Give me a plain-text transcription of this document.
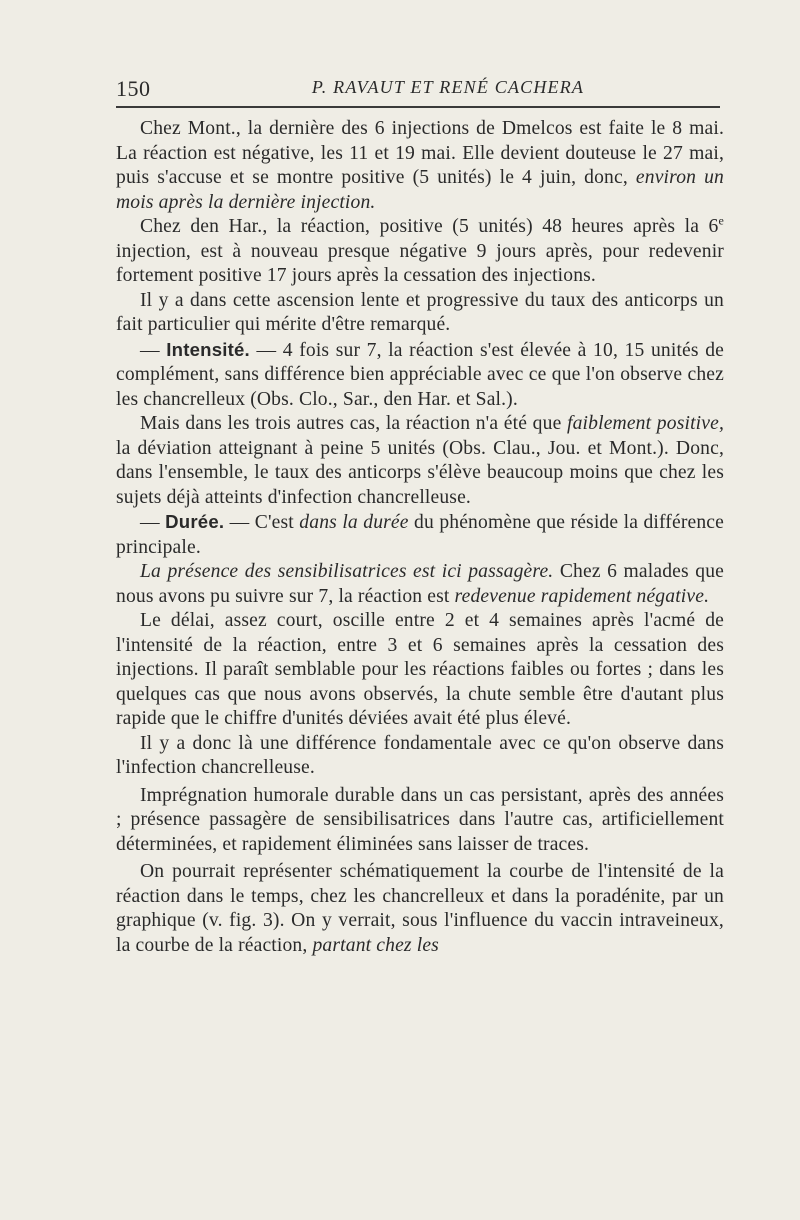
150	P. RAVAUT ET RENÉ CACHERA

Chez Mont., la dernière des 6 injections de Dmelcos est faite le 8 mai. La réaction est négative, les 11 et 19 mai. Elle devient douteuse le 27 mai, puis s'accuse et se montre positive (5 unités) le 4 juin, donc, environ un mois après la dernière injection.

Chez den Har., la réaction, positive (5 unités) 48 heures après la 6e injection, est à nouveau presque négative 9 jours après, pour redevenir fortement positive 17 jours après la cessation des injections.

Il y a dans cette ascension lente et progressive du taux des anticorps un fait particulier qui mérite d'être remarqué.

— Intensité. — 4 fois sur 7, la réaction s'est élevée à 10, 15 unités de complément, sans différence bien appréciable avec ce que l'on observe chez les chancrelleux (Obs. Clo., Sar., den Har. et Sal.).

Mais dans les trois autres cas, la réaction n'a été que faiblement positive, la déviation atteignant à peine 5 unités (Obs. Clau., Jou. et Mont.). Donc, dans l'ensemble, le taux des anticorps s'élève beaucoup moins que chez les sujets déjà atteints d'infection chancrelleuse.

— Durée. — C'est dans la durée du phénomène que réside la différence principale.

La présence des sensibilisatrices est ici passagère. Chez 6 malades que nous avons pu suivre sur 7, la réaction est redevenue rapidement négative.

Le délai, assez court, oscille entre 2 et 4 semaines après l'acmé de l'intensité de la réaction, entre 3 et 6 semaines après la cessation des injections. Il paraît semblable pour les réactions faibles ou fortes ; dans les quelques cas que nous avons observés, la chute semble être d'autant plus rapide que le chiffre d'unités déviées avait été plus élevé.

Il y a donc là une différence fondamentale avec ce qu'on observe dans l'infection chancrelleuse.

Imprégnation humorale durable dans un cas persistant, après des années ; présence passagère de sensibilisatrices dans l'autre cas, artificiellement déterminées, et rapidement éliminées sans laisser de traces.

On pourrait représenter schématiquement la courbe de l'intensité de la réaction dans le temps, chez les chancrelleux et dans la poradénite, par un graphique (v. fig. 3). On y verrait, sous l'influence du vaccin intraveineux, la courbe de la réaction, partant chez les
